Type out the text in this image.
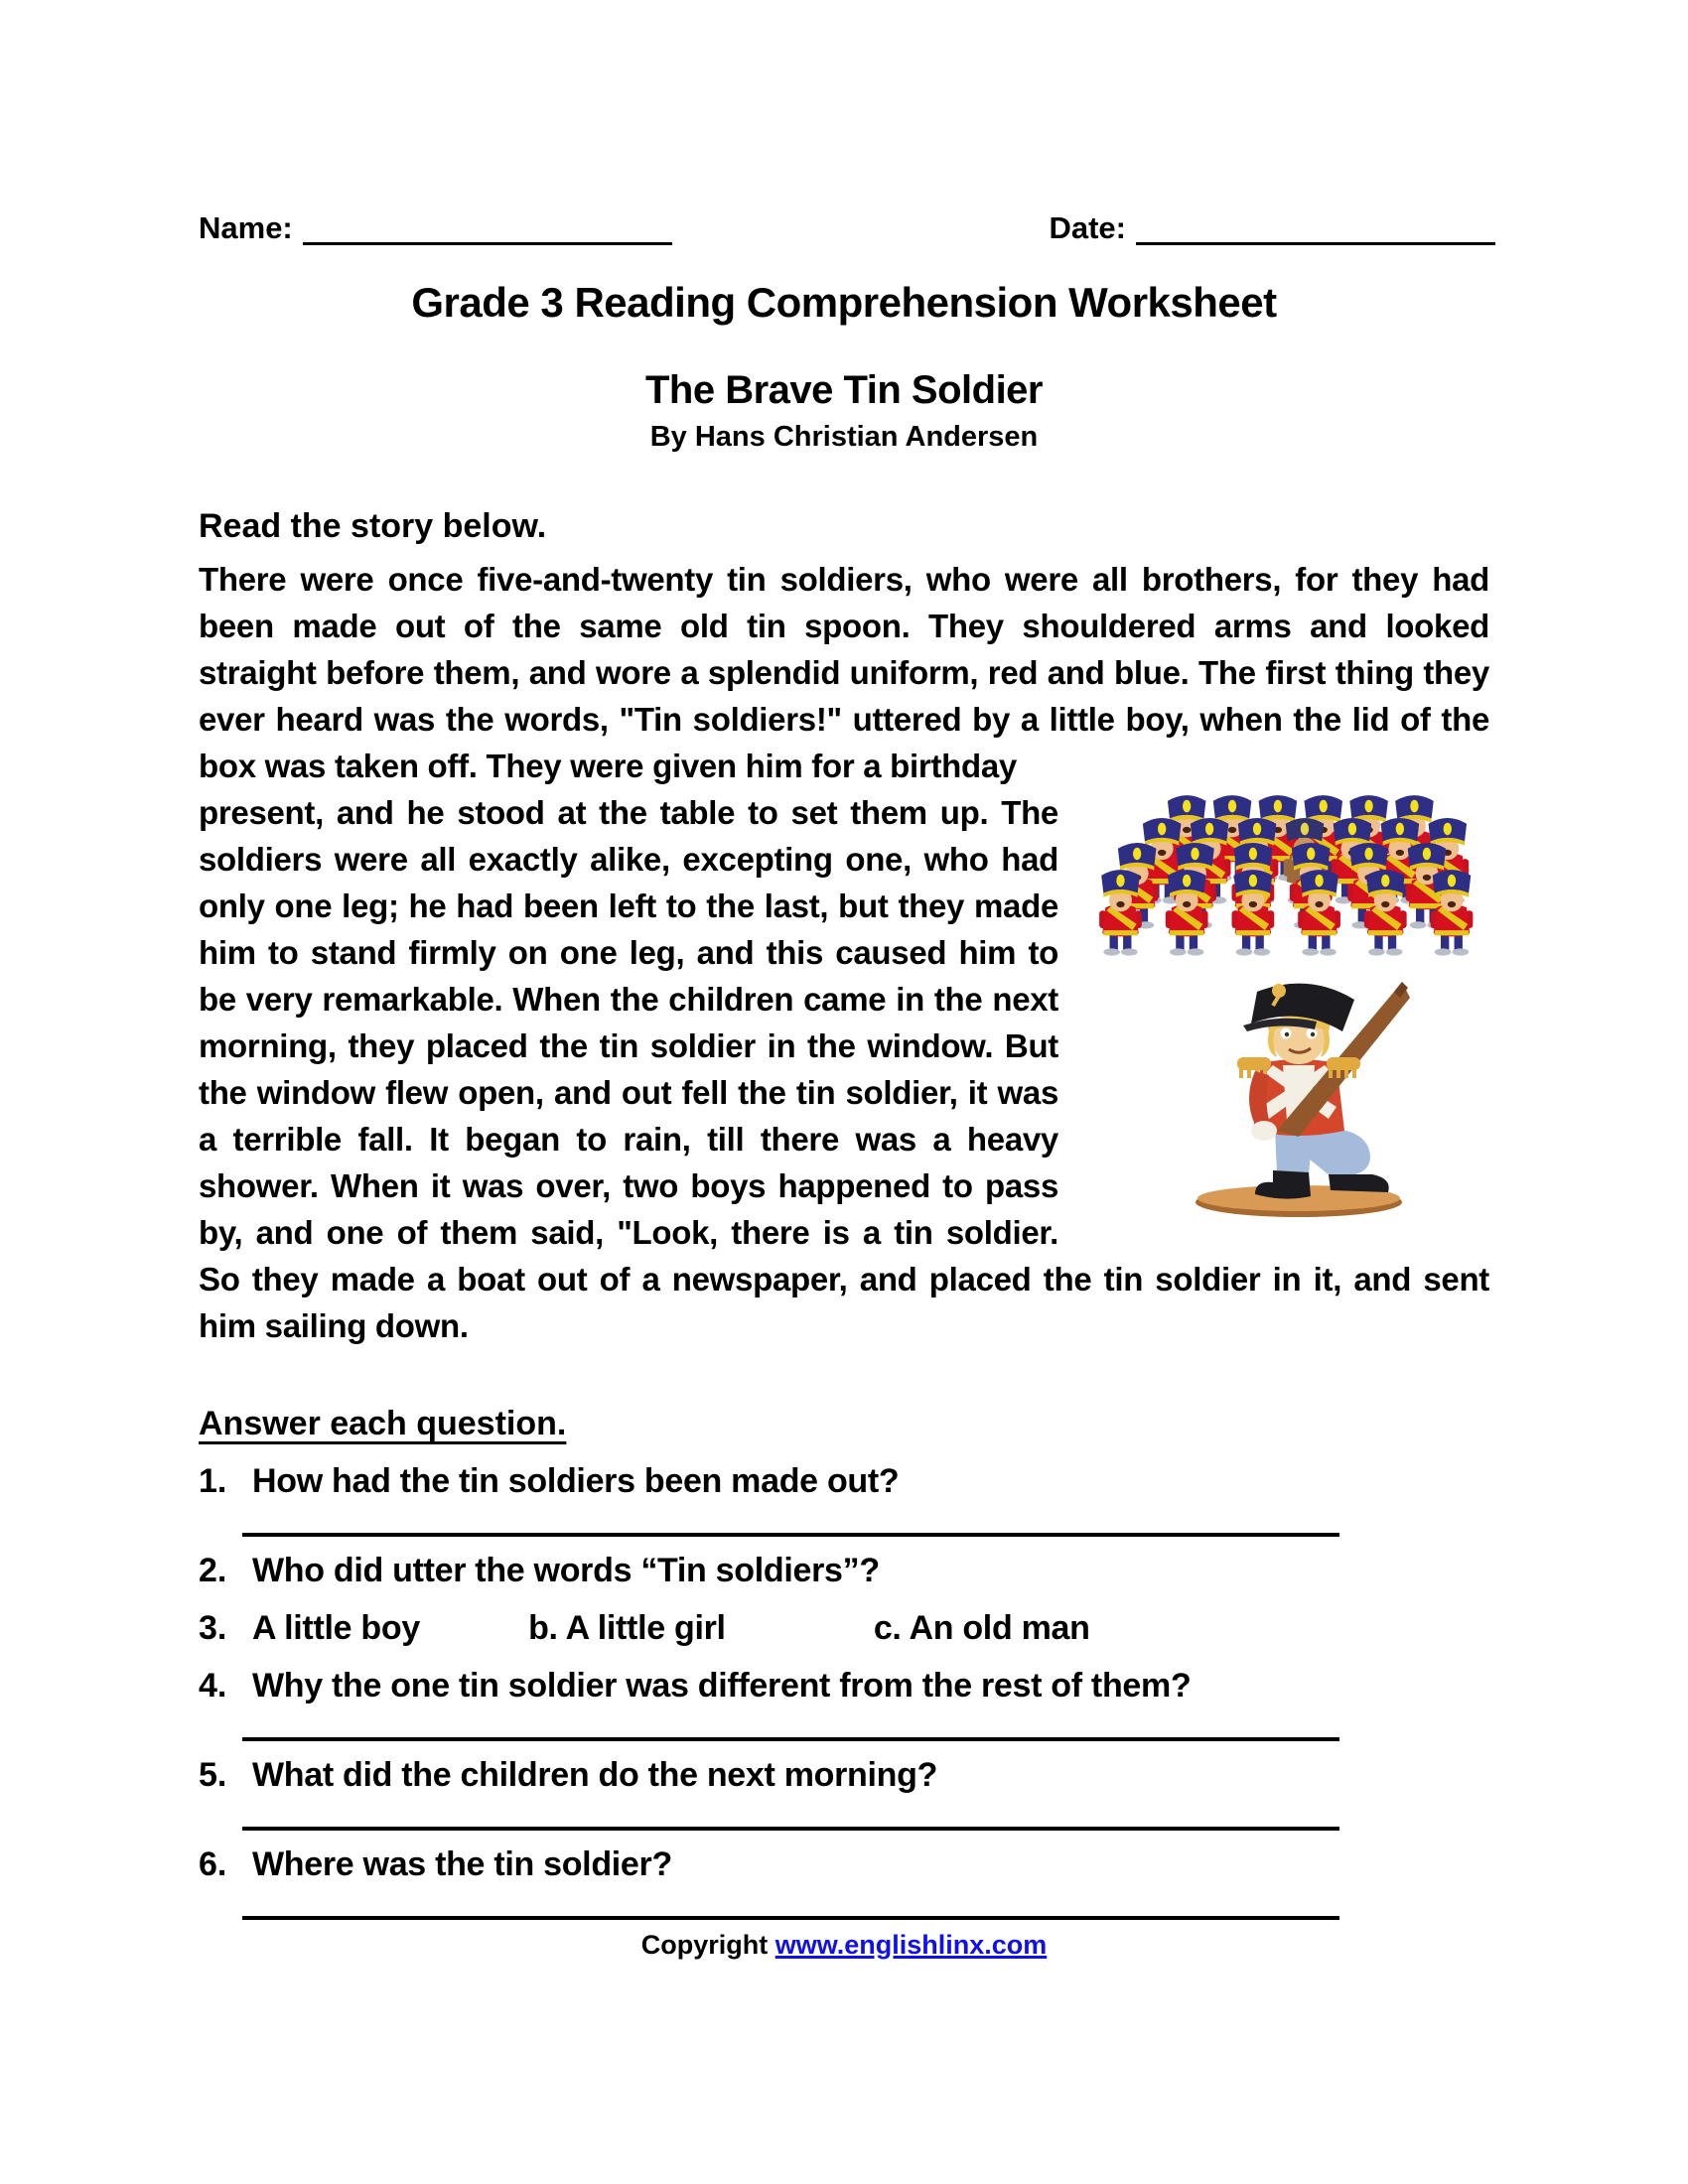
Name:	Date:
Grade 3 Reading Comprehension Worksheet
The Brave Tin Soldier
By Hans Christian Andersen
Read the story below.

There were once five-and-twenty tin soldiers, who were all brothers, for they had been made out of the same old tin spoon. They shouldered arms and looked straight before them, and wore a splendid uniform, red and blue. The first thing they ever heard was the words, "Tin soldiers!" uttered by a little boy, when the lid of the box was taken off. They were given him for a birthday

present, and he stood at the table to set them up. The soldiers were all exactly alike, excepting one, who had only one leg; he had been left to the last, but they made him to stand firmly on one leg, and this caused him to be very remarkable. When the children came in the next morning, they placed the tin soldier in the window. But the window flew open, and out fell the tin soldier, it was a terrible fall. It began to rain, till there was a heavy shower. When it was over, two boys happened to pass by, and one of them said, "Look, there is a tin soldier. So they made a boat out of a newspaper, and placed the tin soldier in it, and sent him sailing down.

Answer each question.
1. How had the tin soldiers been made out?
2. Who did utter the words “Tin soldiers”?
3. A little boy	b. A little girl	c. An old man
4. Why the one tin soldier was different from the rest of them?
5. What did the children do the next morning?
6. Where was the tin soldier?
Copyright www.englishlinx.com
